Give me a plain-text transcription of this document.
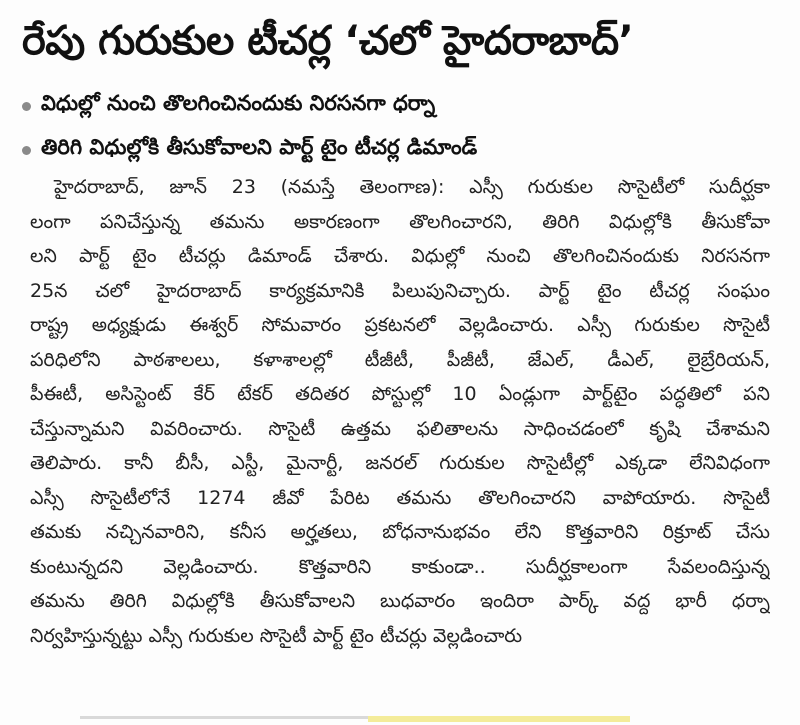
రేపు గురుకుల టీచర్ల ‘చలో హైదరాబాద్’
విధుల్లో నుంచి తొలగించినందుకు నిరసనగా ధర్నా
తిరిగి విధుల్లోకి తీసుకోవాలని పార్ట్ టైం టీచర్ల డిమాండ్
హైదరాబాద్, జూన్ 23 (నమస్తే తెలంగాణ): ఎస్సీ గురుకుల సొసైటీలో సుదీర్ఘకా
లంగా పనిచేస్తున్న తమను అకారణంగా తొలగించారని, తిరిగి విధుల్లోకి తీసుకోవా
లని పార్ట్ టైం టీచర్లు డిమాండ్ చేశారు. విధుల్లో నుంచి తొలగించినందుకు నిరసనగా
25న చలో హైదరాబాద్ కార్యక్రమానికి పిలుపునిచ్చారు. పార్ట్ టైం టీచర్ల సంఘం
రాష్ట్ర అధ్యక్షుడు ఈశ్వర్ సోమవారం ప్రకటనలో వెల్లడించారు. ఎస్సీ గురుకుల సొసైటీ
పరిధిలోని పాఠశాలలు, కళాశాలల్లో టీజీటీ, పీజీటీ, జేఎల్, డీఎల్, లైబ్రేరియన్,
పీఈటీ, అసిస్టెంట్ కేర్ టేకర్ తదితర పోస్టుల్లో 10 ఏండ్లుగా పార్ట్‌టైం పద్ధతిలో పని
చేస్తున్నామని వివరించారు. సొసైటీ ఉత్తమ ఫలితాలను సాధించడంలో కృషి చేశామని
తెలిపారు. కానీ బీసీ, ఎస్టీ, మైనార్టీ, జనరల్ గురుకుల సొసైటీల్లో ఎక్కడా లేనివిధంగా
ఎస్సీ సొసైటీలోనే 1274 జీవో పేరిట తమను తొలగించారని వాపోయారు. సొసైటీ
తమకు నచ్చినవారిని, కనీస అర్హతలు, బోధనానుభవం లేని కొత్తవారిని రిక్రూట్ చేసు
కుంటున్నదని వెల్లడించారు. కొత్తవారిని కాకుండా.. సుదీర్ఘకాలంగా సేవలందిస్తున్న
తమను తిరిగి విధుల్లోకి తీసుకోవాలని బుధవారం ఇందిరా పార్క్ వద్ద భారీ ధర్నా
నిర్వహిస్తున్నట్టు ఎస్సీ గురుకుల సొసైటీ పార్ట్ టైం టీచర్లు వెల్లడించారు
